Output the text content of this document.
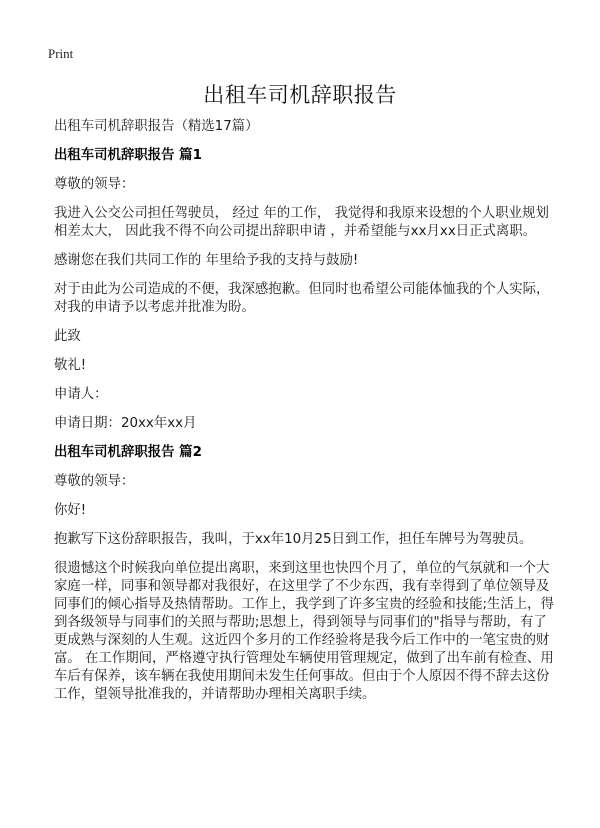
Print
出租车司机辞职报告

出租车司机辞职报告（精选17篇）

出租车司机辞职报告 篇1

尊敬的领导：

我进入公交公司担任驾驶员， 经过 年的工作， 我觉得和我原来设想的个人职业规划相差太大， 因此我不得不向公司提出辞职申请 ，并希望能与xx月xx日正式离职。

感谢您在我们共同工作的 年里给予我的支持与鼓励!

对于由此为公司造成的不便，我深感抱歉。但同时也希望公司能体恤我的个人实际，对我的申请予以考虑并批准为盼。

此致

敬礼!

申请人：

申请日期：20xx年xx月

出租车司机辞职报告 篇2

尊敬的领导：

你好!

抱歉写下这份辞职报告，我叫，于xx年10月25日到工作，担任车牌号为驾驶员。

很遗憾这个时候我向单位提出离职，来到这里也快四个月了，单位的气氛就和一个大家庭一样，同事和领导都对我很好，在这里学了不少东西，我有幸得到了单位领导及同事们的倾心指导及热情帮助。工作上，我学到了许多宝贵的经验和技能;生活上，得到各级领导与同事们的关照与帮助;思想上，得到领导与同事们的"指导与帮助，有了更成熟与深刻的人生观。这近四个多月的工作经验将是我今后工作中的一笔宝贵的财富。 在工作期间，严格遵守执行管理处车辆使用管理规定，做到了出车前有检查、用车后有保养，该车辆在我使用期间未发生任何事故。但由于个人原因不得不辞去这份工作，望领导批准我的，并请帮助办理相关离职手续。
